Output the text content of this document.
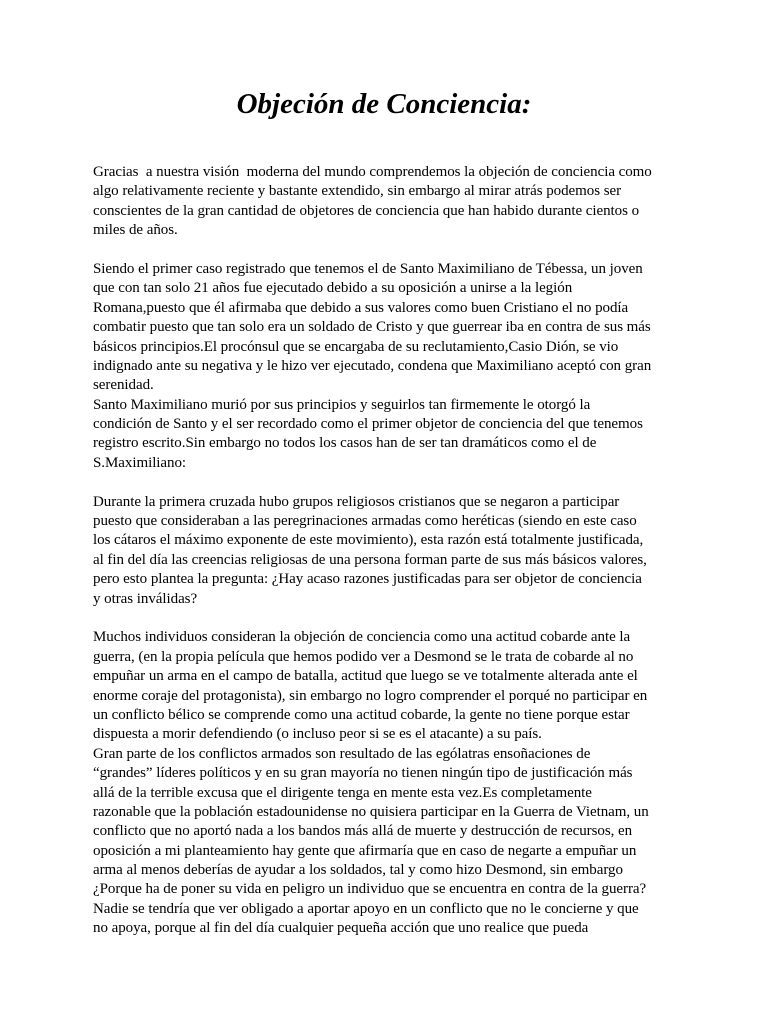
Objeción de Conciencia:
Gracias  a nuestra visión  moderna del mundo comprendemos la objeción de conciencia como
algo relativamente reciente y bastante extendido, sin embargo al mirar atrás podemos ser
conscientes de la gran cantidad de objetores de conciencia que han habido durante cientos o
miles de años.
Siendo el primer caso registrado que tenemos el de Santo Maximiliano de Tébessa, un joven
que con tan solo 21 años fue ejecutado debido a su oposición a unirse a la legión
Romana,puesto que él afirmaba que debido a sus valores como buen Cristiano el no podía
combatir puesto que tan solo era un soldado de Cristo y que guerrear iba en contra de sus más
básicos principios.El procónsul que se encargaba de su reclutamiento,Casio Dión, se vio
indignado ante su negativa y le hizo ver ejecutado, condena que Maximiliano aceptó con gran
serenidad.
Santo Maximiliano murió por sus principios y seguirlos tan firmemente le otorgó la
condición de Santo y el ser recordado como el primer objetor de conciencia del que tenemos
registro escrito.Sin embargo no todos los casos han de ser tan dramáticos como el de
S.Maximiliano:
Durante la primera cruzada hubo grupos religiosos cristianos que se negaron a participar
puesto que consideraban a las peregrinaciones armadas como heréticas (siendo en este caso
los cátaros el máximo exponente de este movimiento), esta razón está totalmente justificada,
al fin del día las creencias religiosas de una persona forman parte de sus más básicos valores,
pero esto plantea la pregunta: ¿Hay acaso razones justificadas para ser objetor de conciencia
y otras inválidas?
Muchos individuos consideran la objeción de conciencia como una actitud cobarde ante la
guerra, (en la propia película que hemos podido ver a Desmond se le trata de cobarde al no
empuñar un arma en el campo de batalla, actitud que luego se ve totalmente alterada ante el
enorme coraje del protagonista), sin embargo no logro comprender el porqué no participar en
un conflicto bélico se comprende como una actitud cobarde, la gente no tiene porque estar
dispuesta a morir defendiendo (o incluso peor si se es el atacante) a su país.
Gran parte de los conflictos armados son resultado de las ególatras ensoñaciones de
“grandes” líderes políticos y en su gran mayoría no tienen ningún tipo de justificación más
allá de la terrible excusa que el dirigente tenga en mente esta vez.Es completamente
razonable que la población estadounidense no quisiera participar en la Guerra de Vietnam, un
conflicto que no aportó nada a los bandos más allá de muerte y destrucción de recursos, en
oposición a mi planteamiento hay gente que afirmaría que en caso de negarte a empuñar un
arma al menos deberías de ayudar a los soldados, tal y como hizo Desmond, sin embargo
¿Porque ha de poner su vida en peligro un individuo que se encuentra en contra de la guerra?
Nadie se tendría que ver obligado a aportar apoyo en un conflicto que no le concierne y que
no apoya, porque al fin del día cualquier pequeña acción que uno realice que pueda
